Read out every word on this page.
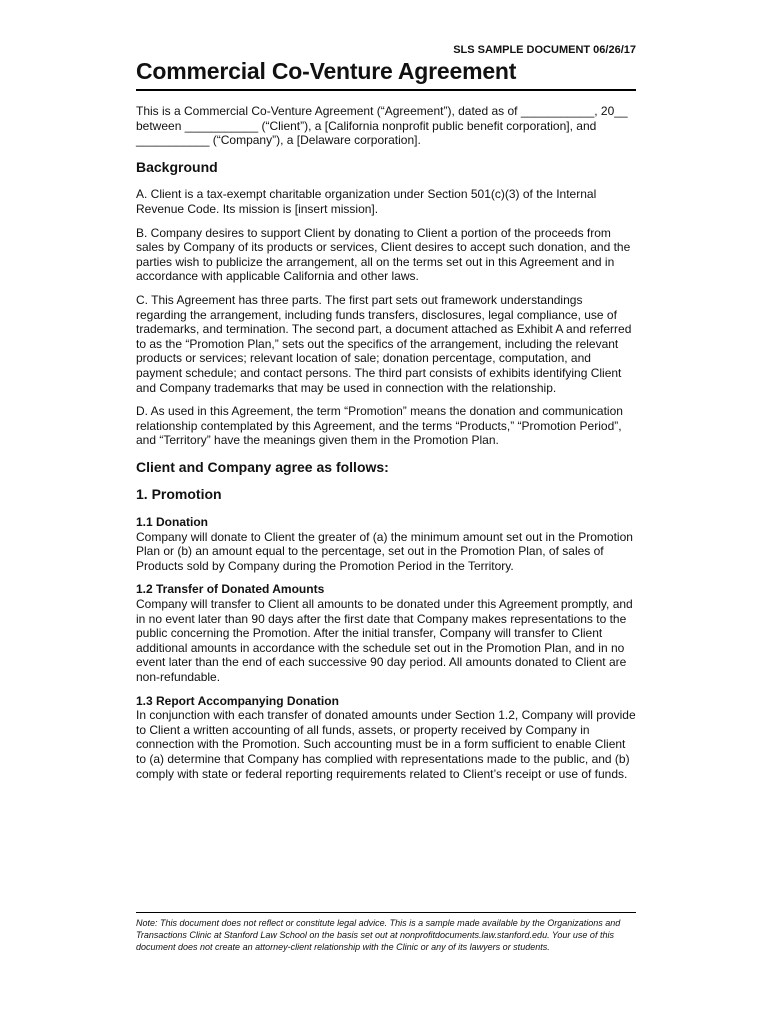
SLS SAMPLE DOCUMENT 06/26/17
Commercial Co-Venture Agreement

This is a Commercial Co-Venture Agreement (“Agreement”), dated as of ___________, 20__ between ___________ (“Client”), a [California nonprofit public benefit corporation], and ___________ (“Company”), a [Delaware corporation].

Background

A. Client is a tax-exempt charitable organization under Section 501(c)(3) of the Internal Revenue Code. Its mission is [insert mission].

B. Company desires to support Client by donating to Client a portion of the proceeds from sales by Company of its products or services, Client desires to accept such donation, and the parties wish to publicize the arrangement, all on the terms set out in this Agreement and in accordance with applicable California and other laws.

C. This Agreement has three parts. The first part sets out framework understandings regarding the arrangement, including funds transfers, disclosures, legal compliance, use of trademarks, and termination. The second part, a document attached as Exhibit A and referred to as the “Promotion Plan,” sets out the specifics of the arrangement, including the relevant products or services; relevant location of sale; donation percentage, computation, and payment schedule; and contact persons. The third part consists of exhibits identifying Client and Company trademarks that may be used in connection with the relationship.

D. As used in this Agreement, the term “Promotion” means the donation and communication relationship contemplated by this Agreement, and the terms “Products,” “Promotion Period”, and “Territory” have the meanings given them in the Promotion Plan.

Client and Company agree as follows:
1. Promotion
1.1 Donation

Company will donate to Client the greater of (a) the minimum amount set out in the Promotion Plan or (b) an amount equal to the percentage, set out in the Promotion Plan, of sales of Products sold by Company during the Promotion Period in the Territory.

1.2 Transfer of Donated Amounts

Company will transfer to Client all amounts to be donated under this Agreement promptly, and in no event later than 90 days after the first date that Company makes representations to the public concerning the Promotion. After the initial transfer, Company will transfer to Client additional amounts in accordance with the schedule set out in the Promotion Plan, and in no event later than the end of each successive 90 day period. All amounts donated to Client are non-refundable.

1.3 Report Accompanying Donation

In conjunction with each transfer of donated amounts under Section 1.2, Company will provide to Client a written accounting of all funds, assets, or property received by Company in connection with the Promotion. Such accounting must be in a form sufficient to enable Client to (a) determine that Company has complied with representations made to the public, and (b) comply with state or federal reporting requirements related to Client’s receipt or use of funds.

Note: This document does not reflect or constitute legal advice. This is a sample made available by the Organizations and Transactions Clinic at Stanford Law School on the basis set out at nonprofitdocuments.law.stanford.edu. Your use of this document does not create an attorney-client relationship with the Clinic or any of its lawyers or students.
